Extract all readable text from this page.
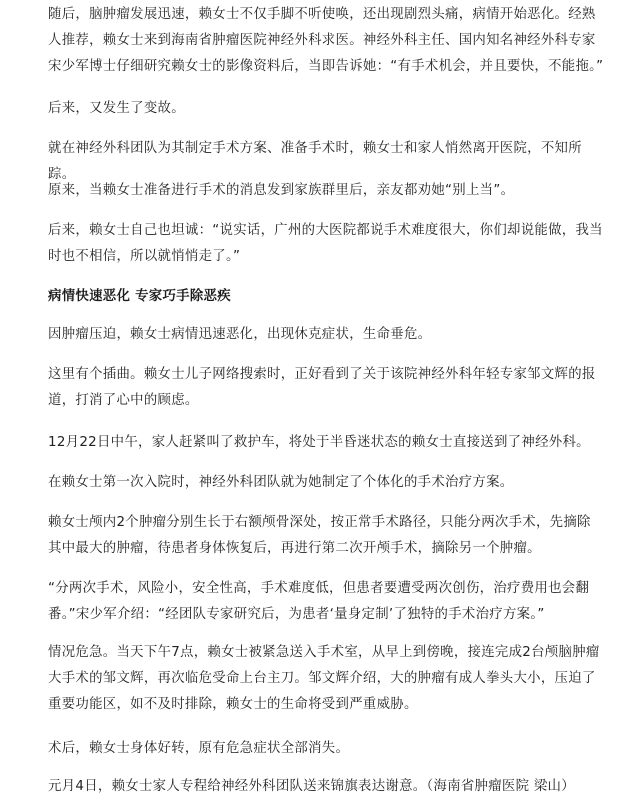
随后，脑肿瘤发展迅速，赖女士不仅手脚不听使唤，还出现剧烈头痛，病情开始恶化。经熟人推荐，赖女士来到海南省肿瘤医院神经外科求医。神经外科主任、国内知名神经外科专家宋少军博士仔细研究赖女士的影像资料后，当即告诉她：“有手术机会，并且要快，不能拖。”

后来，又发生了变故。

就在神经外科团队为其制定手术方案、准备手术时，赖女士和家人悄然离开医院，不知所踪。

原来，当赖女士准备进行手术的消息发到家族群里后，亲友都劝她“别上当”。

后来，赖女士自己也坦诚：“说实话，广州的大医院都说手术难度很大，你们却说能做，我当时也不相信，所以就悄悄走了。”

病情快速恶化 专家巧手除恶疾

因肿瘤压迫，赖女士病情迅速恶化，出现休克症状，生命垂危。

这里有个插曲。赖女士儿子网络搜索时，正好看到了关于该院神经外科年轻专家邹文辉的报道，打消了心中的顾虑。

12月22日中午，家人赶紧叫了救护车，将处于半昏迷状态的赖女士直接送到了神经外科。

在赖女士第一次入院时，神经外科团队就为她制定了个体化的手术治疗方案。

赖女士颅内2个肿瘤分别生长于右额颅骨深处，按正常手术路径，只能分两次手术，先摘除其中最大的肿瘤，待患者身体恢复后，再进行第二次开颅手术，摘除另一个肿瘤。

“分两次手术，风险小，安全性高，手术难度低，但患者要遭受两次创伤，治疗费用也会翻番。”宋少军介绍：“经团队专家研究后，为患者‘量身定制’了独特的手术治疗方案。”

情况危急。当天下午7点，赖女士被紧急送入手术室，从早上到傍晚，接连完成2台颅脑肿瘤大手术的邹文辉，再次临危受命上台主刀。邹文辉介绍，大的肿瘤有成人拳头大小，压迫了重要功能区，如不及时排除，赖女士的生命将受到严重威胁。

术后，赖女士身体好转，原有危急症状全部消失。

元月4日，赖女士家人专程给神经外科团队送来锦旗表达谢意。（海南省肿瘤医院 梁山）
